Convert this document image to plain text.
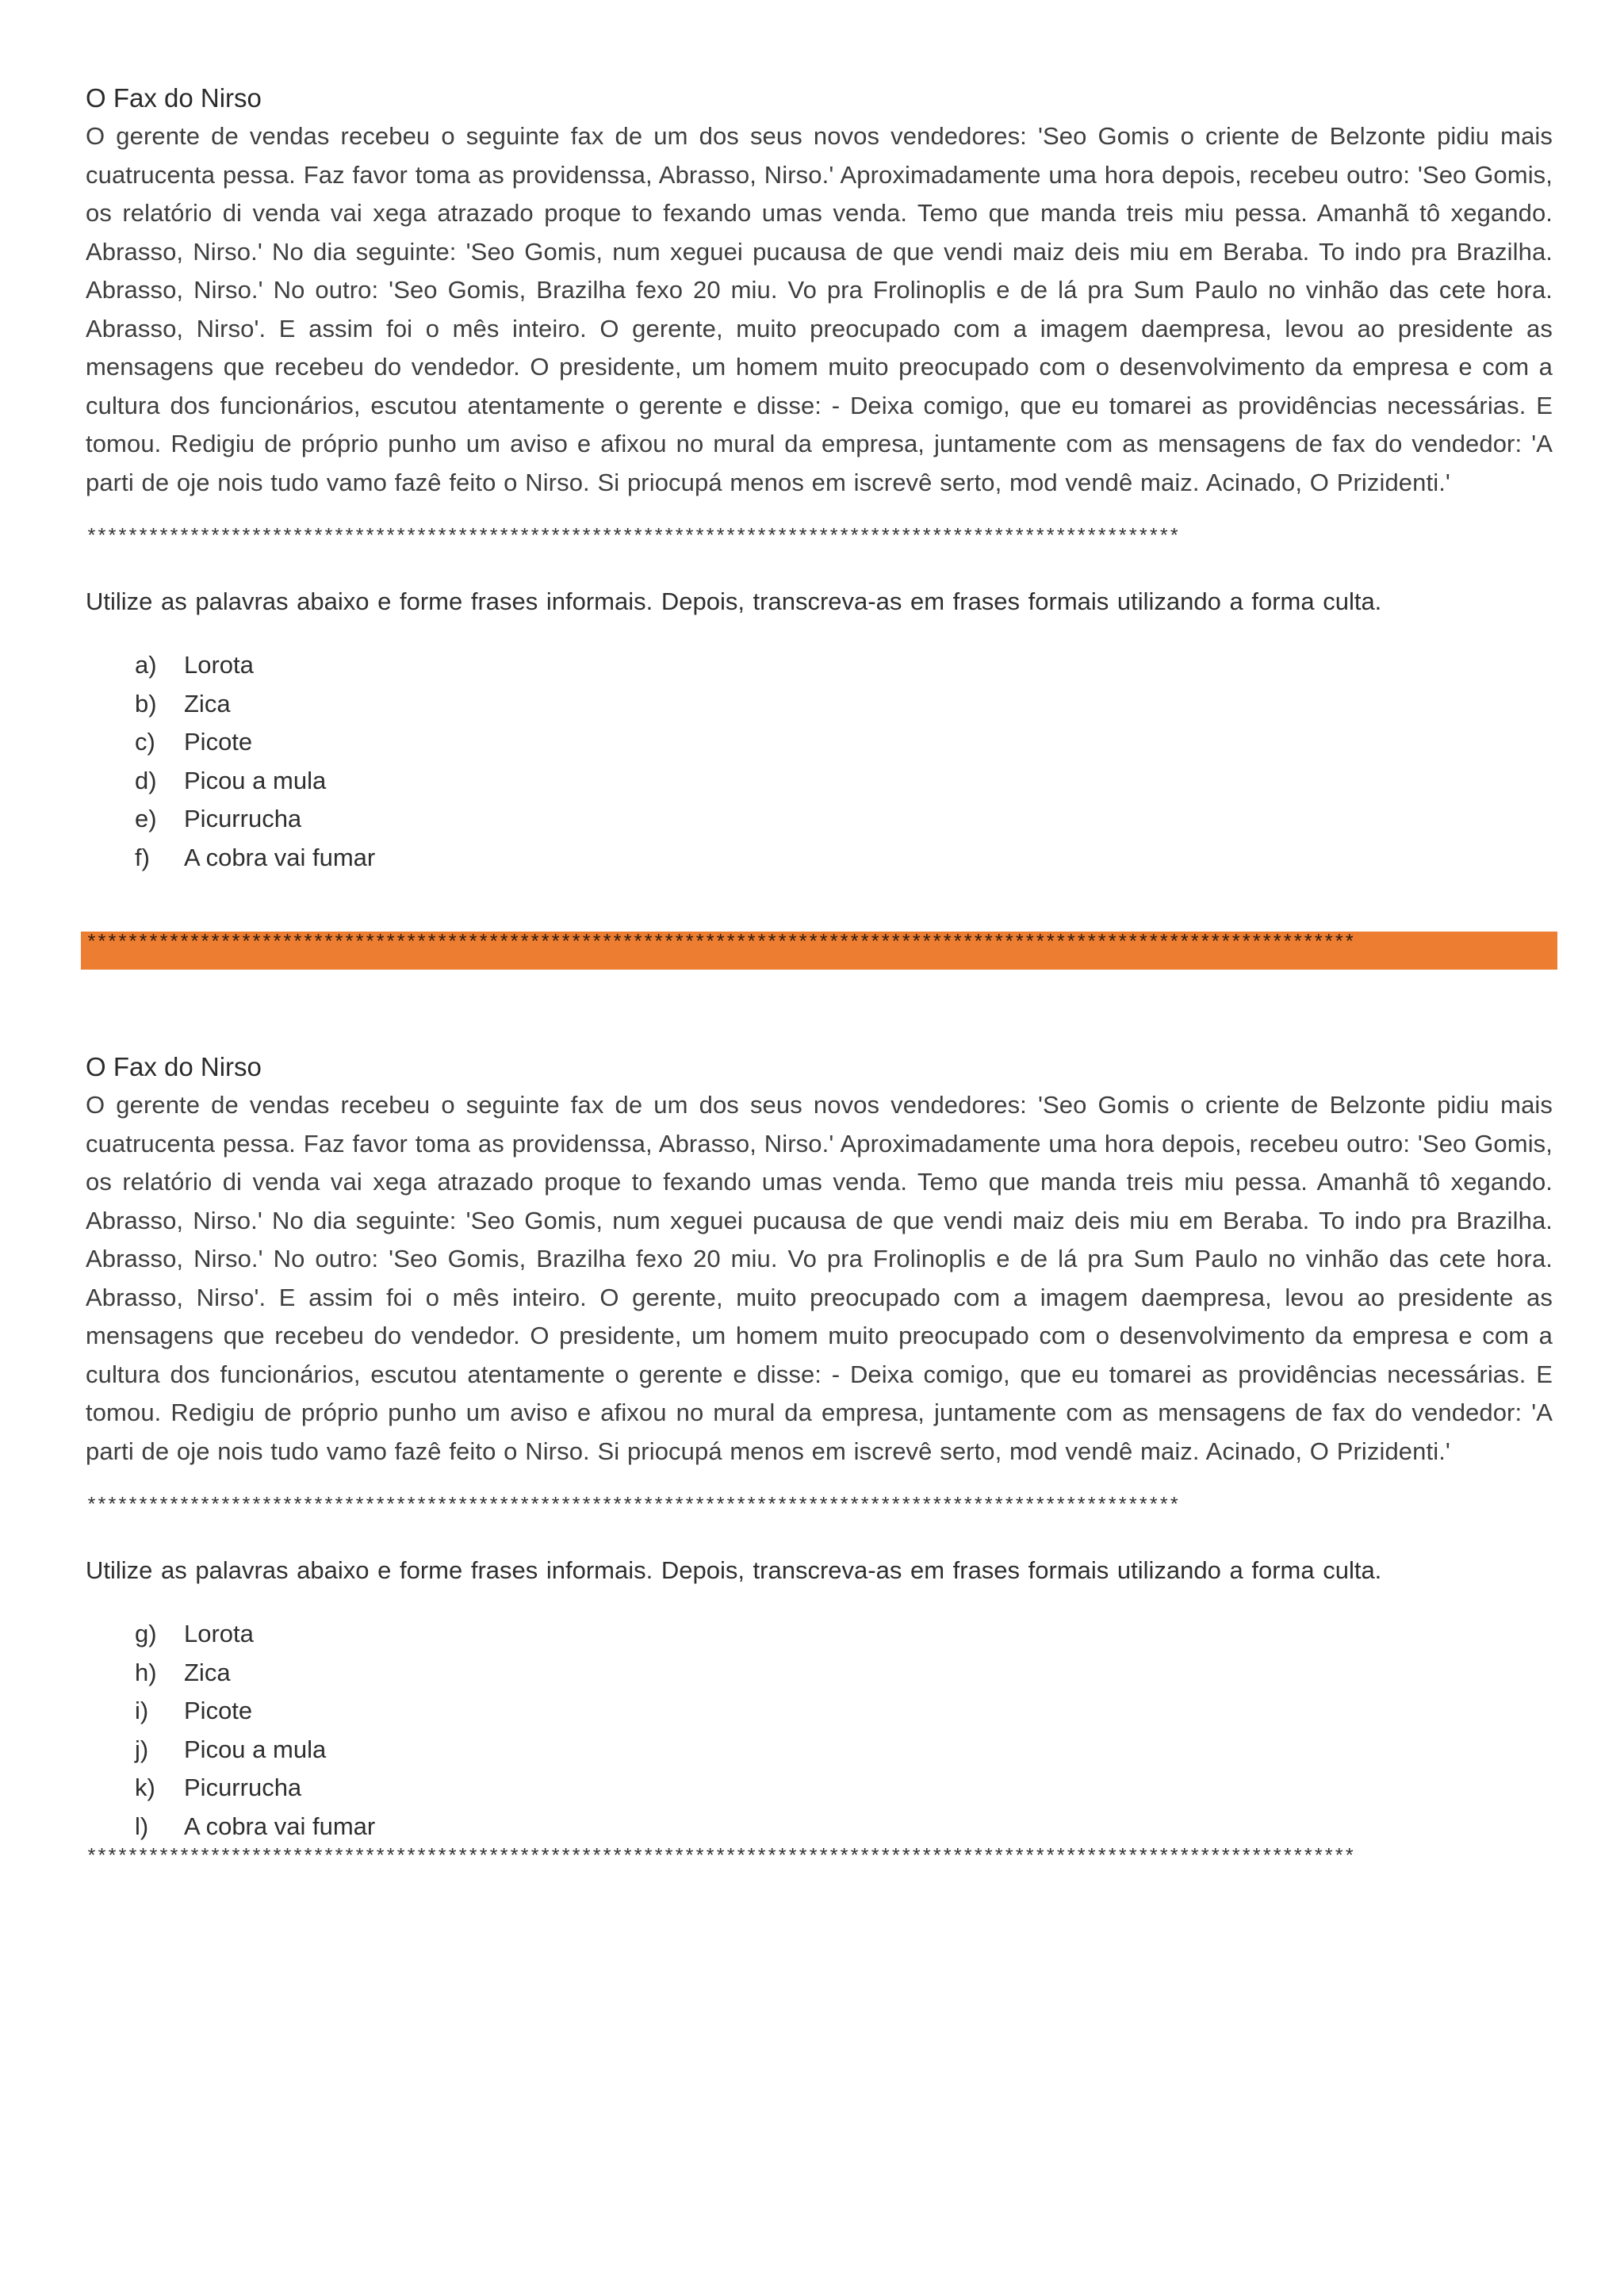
O Fax do Nirso

O gerente de vendas recebeu o seguinte fax de um dos seus novos vendedores: 'Seo Gomis o criente de Belzonte pidiu mais cuatrucenta pessa. Faz favor toma as providenssa, Abrasso, Nirso.' Aproximadamente uma hora depois, recebeu outro: 'Seo Gomis, os relatório di venda vai xega atrazado proque to fexando umas venda. Temo que manda treis miu pessa. Amanhã tô xegando. Abrasso, Nirso.' No dia seguinte: 'Seo Gomis, num xeguei pucausa de que vendi maiz deis miu em Beraba. To indo pra Brazilha. Abrasso, Nirso.' No outro: 'Seo Gomis, Brazilha fexo 20 miu. Vo pra Frolinoplis e de lá pra Sum Paulo no vinhão das cete hora. Abrasso, Nirso'. E assim foi o mês inteiro. O gerente, muito preocupado com a imagem daempresa, levou ao presidente as mensagens que recebeu do vendedor. O presidente, um homem muito preocupado com o desenvolvimento da empresa e com a cultura dos funcionários, escutou atentamente o gerente e disse: - Deixa comigo, que eu tomarei as providências necessárias. E tomou. Redigiu de próprio punho um aviso e afixou no mural da empresa, juntamente com as mensagens de fax do vendedor: 'A parti de oje nois tudo vamo fazê feito o Nirso. Si priocupá menos em iscrevê serto, mod vendê maiz. Acinado, O Prizidenti.'

**********************************************************************************************************

Utilize as palavras abaixo e forme frases informais. Depois, transcreva-as em frases formais utilizando a forma culta.

a) Lorota
b) Zica
c) Picote
d) Picou a mula
e) Picurrucha
f) A cobra vai fumar
***************************************************************************************************************************

O Fax do Nirso

O gerente de vendas recebeu o seguinte fax de um dos seus novos vendedores: 'Seo Gomis o criente de Belzonte pidiu mais cuatrucenta pessa. Faz favor toma as providenssa, Abrasso, Nirso.' Aproximadamente uma hora depois, recebeu outro: 'Seo Gomis, os relatório di venda vai xega atrazado proque to fexando umas venda. Temo que manda treis miu pessa. Amanhã tô xegando. Abrasso, Nirso.' No dia seguinte: 'Seo Gomis, num xeguei pucausa de que vendi maiz deis miu em Beraba. To indo pra Brazilha. Abrasso, Nirso.' No outro: 'Seo Gomis, Brazilha fexo 20 miu. Vo pra Frolinoplis e de lá pra Sum Paulo no vinhão das cete hora. Abrasso, Nirso'. E assim foi o mês inteiro. O gerente, muito preocupado com a imagem daempresa, levou ao presidente as mensagens que recebeu do vendedor. O presidente, um homem muito preocupado com o desenvolvimento da empresa e com a cultura dos funcionários, escutou atentamente o gerente e disse: - Deixa comigo, que eu tomarei as providências necessárias. E tomou. Redigiu de próprio punho um aviso e afixou no mural da empresa, juntamente com as mensagens de fax do vendedor: 'A parti de oje nois tudo vamo fazê feito o Nirso. Si priocupá menos em iscrevê serto, mod vendê maiz. Acinado, O Prizidenti.'

**********************************************************************************************************

Utilize as palavras abaixo e forme frases informais. Depois, transcreva-as em frases formais utilizando a forma culta.

g) Lorota
h) Zica
i) Picote
j) Picou a mula
k) Picurrucha
l) A cobra vai fumar
***************************************************************************************************************************
